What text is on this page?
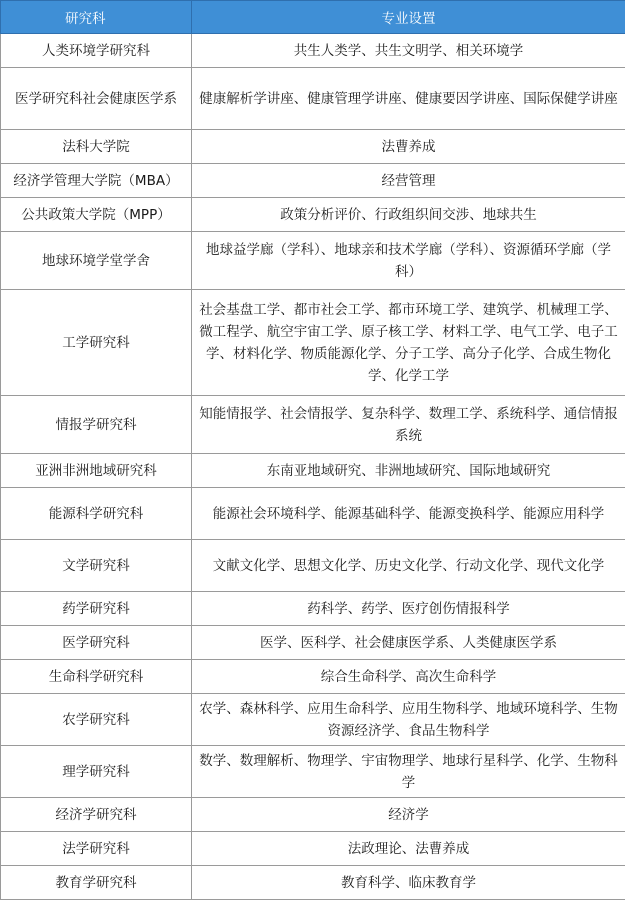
研究科	专业设置
人类环境学研究科	共生人类学、共生文明学、相关环境学
医学研究科社会健康医学系	健康解析学讲座、健康管理学讲座、健康要因学讲座、国际保健学讲座
法科大学院	法曹养成
经济学管理大学院（MBA）	经营管理
公共政策大学院（MPP）	政策分析评价、行政组织间交涉、地球共生
地球环境学堂学舍	地球益学廊（学科）、地球亲和技术学廊（学科）、资源循环学廊（学科）
工学研究科	社会基盘工学、都市社会工学、都市环境工学、建筑学、机械理工学、微工程学、航空宇宙工学、原子核工学、材料工学、电气工学、电子工学、材料化学、物质能源化学、分子工学、高分子化学、合成生物化学、化学工学
情报学研究科	知能情报学、社会情报学、复杂科学、数理工学、系统科学、通信情报系统
亚洲非洲地域研究科	东南亚地域研究、非洲地域研究、国际地域研究
能源科学研究科	能源社会环境科学、能源基础科学、能源变换科学、能源应用科学
文学研究科	文献文化学、思想文化学、历史文化学、行动文化学、现代文化学
药学研究科	药科学、药学、医疗创伤情报科学
医学研究科	医学、医科学、社会健康医学系、人类健康医学系
生命科学研究科	综合生命科学、高次生命科学
农学研究科	农学、森林科学、应用生命科学、应用生物科学、地域环境科学、生物资源经济学、食品生物科学
理学研究科	数学、数理解析、物理学、宇宙物理学、地球行星科学、化学、生物科学
经济学研究科	经济学
法学研究科	法政理论、法曹养成
教育学研究科	教育科学、临床教育学
